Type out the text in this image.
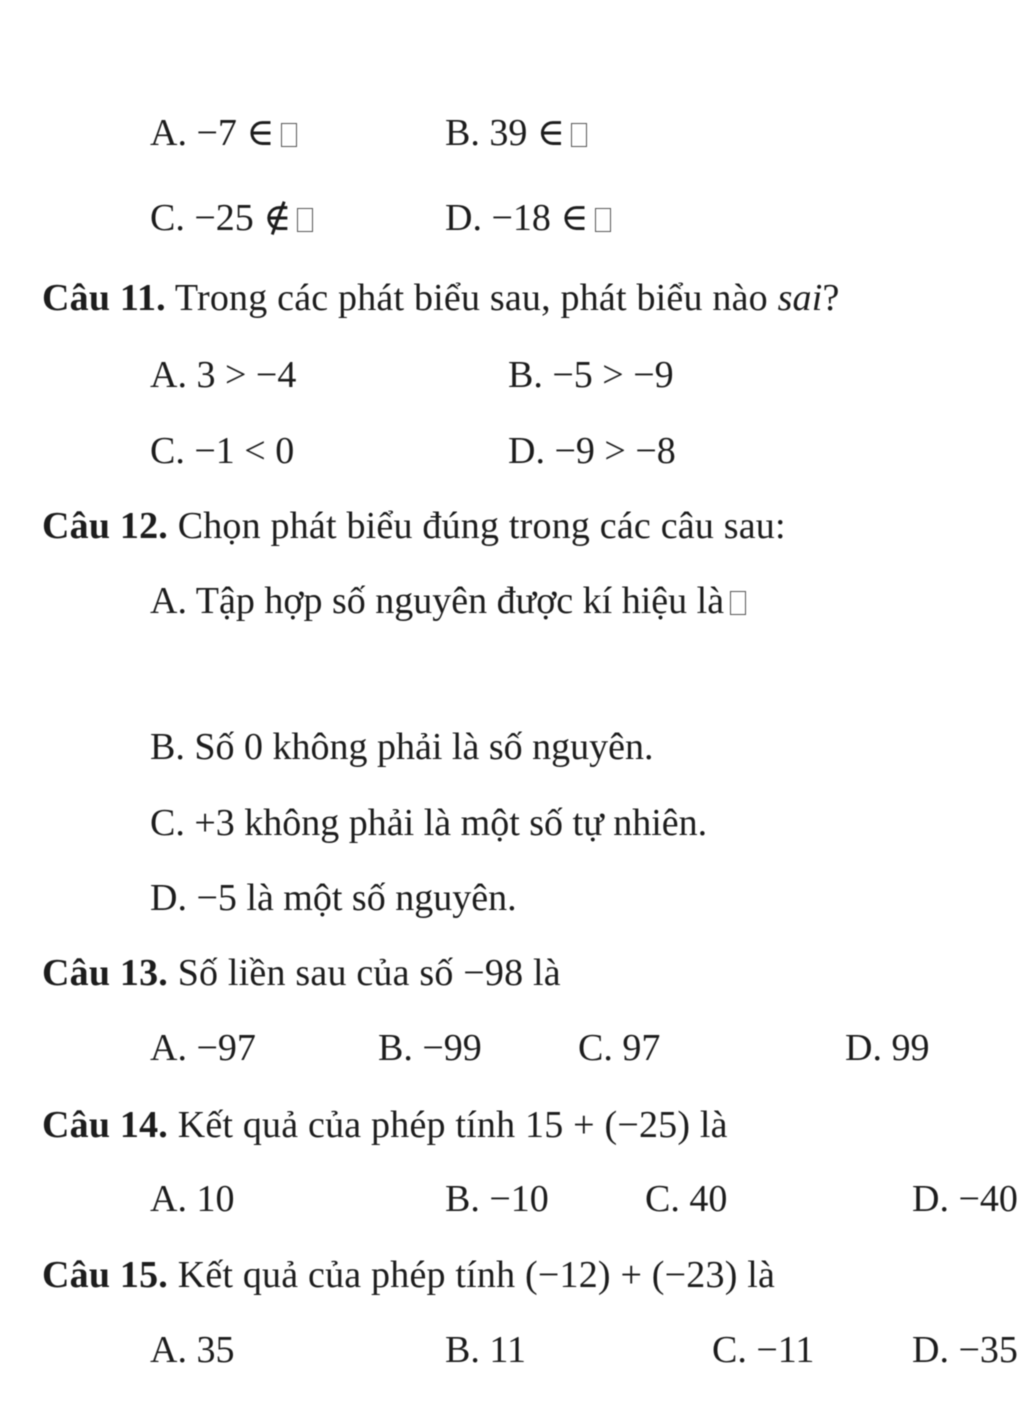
A. −7 ∈	B. 39 ∈
C. −25 ∉	D. −18 ∈
Câu 11. Trong các phát biểu sau, phát biểu nào sai?
A. 3 > −4	B. −5 > −9
C. −1 < 0	D. −9 > −8
Câu 12. Chọn phát biểu đúng trong các câu sau:
A. Tập hợp số nguyên được kí hiệu là
B. Số 0 không phải là số nguyên.
C. +3 không phải là một số tự nhiên.
D. −5 là một số nguyên.
Câu 13. Số liền sau của số −98 là
A. −97	B. −99	C. 97	D. 99
Câu 14. Kết quả của phép tính 15 + (−25) là
A. 10	B. −10	C. 40	D. −40
Câu 15. Kết quả của phép tính (−12) + (−23) là
A. 35	B. 11	C. −11	D. −35
